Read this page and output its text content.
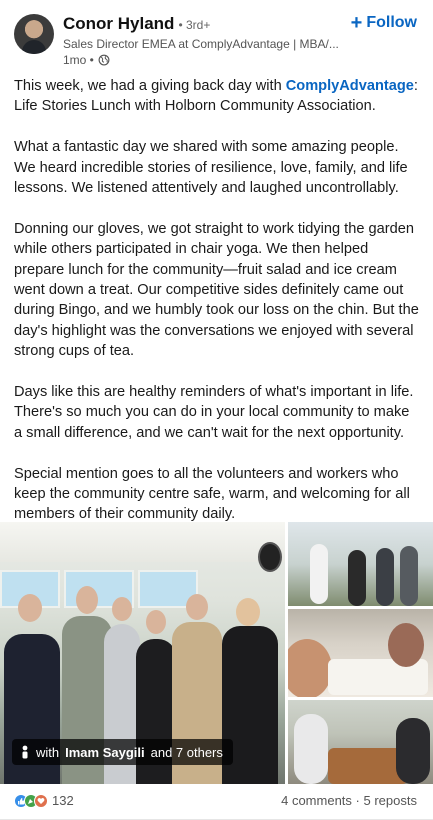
Conor Hyland • 3rd+
Sales Director EMEA at ComplyAdvantage | MBA/...
1mo •
+ Follow

This week, we had a giving back day with ComplyAdvantage: Life Stories Lunch with Holborn Community Association.

What a fantastic day we shared with some amazing people. We heard incredible stories of resilience, love, family, and life lessons. We listened attentively and laughed uncontrollably.

Donning our gloves, we got straight to work tidying the garden while others participated in chair yoga. We then helped prepare lunch for the community—fruit salad and ice cream went down a treat. Our competitive sides definitely came out during Bingo, and we humbly took our loss on the chin. But the day's highlight was the conversations we enjoyed with several strong cups of tea.

Days like this are healthy reminders of what's important in life. There's so much you can do in your local community to make a small difference, and we can't wait for the next opportunity.

Special mention goes to all the volunteers and workers who keep the community centre safe, warm, and welcoming for all members of their community daily.

with Imam Saygili and 7 others
132	4 comments · 5 reposts
